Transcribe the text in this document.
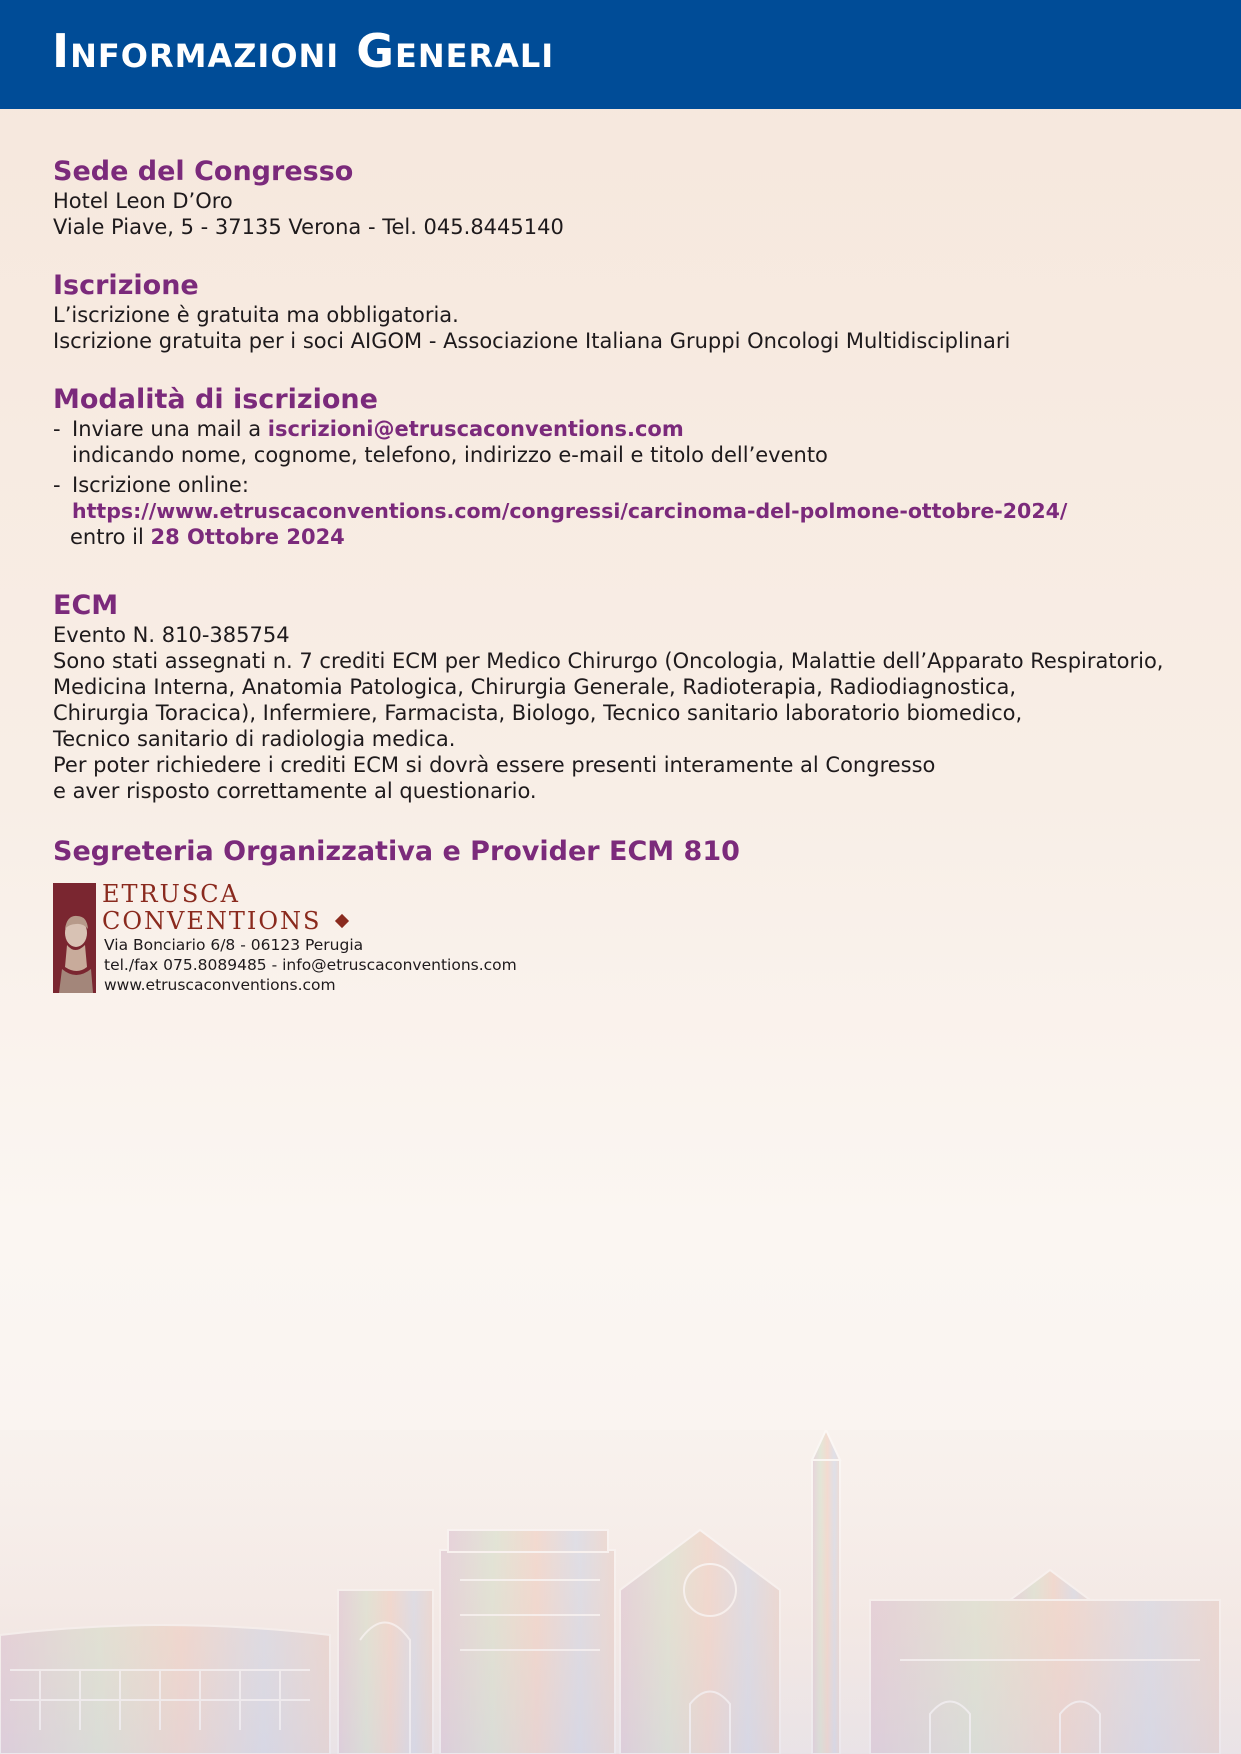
Informazioni Generali

Sede del Congresso

Hotel Leon D’Oro

Viale Piave, 5 - 37135 Verona - Tel. 045.8445140

Iscrizione

L’iscrizione è gratuita ma obbligatoria.

Iscrizione gratuita per i soci AIGOM - Associazione Italiana Gruppi Oncologi Multidisciplinari

Modalità di iscrizione

- Inviare una mail a iscrizioni@etruscaconventions.com

indicando nome, cognome, telefono, indirizzo e-mail e titolo dell’evento

- Iscrizione online:

https://www.etruscaconventions.com/congressi/carcinoma-del-polmone-ottobre-2024/

entro il 28 Ottobre 2024

ECM

Evento N. 810-385754

Sono stati assegnati n. 7 crediti ECM per Medico Chirurgo (Oncologia, Malattie dell’Apparato Respiratorio,

Medicina Interna, Anatomia Patologica, Chirurgia Generale, Radioterapia, Radiodiagnostica,

Chirurgia Toracica), Infermiere, Farmacista, Biologo, Tecnico sanitario laboratorio biomedico,

Tecnico sanitario di radiologia medica.

Per poter richiedere i crediti ECM si dovrà essere presenti interamente al Congresso

e aver risposto correttamente al questionario.

Segreteria Organizzativa e Provider ECM 810

ETRUSCA
CONVENTIONS
Via Bonciario 6/8 - 06123 Perugia
tel./fax 075.8089485 - info@etruscaconventions.com
www.etruscaconventions.com
